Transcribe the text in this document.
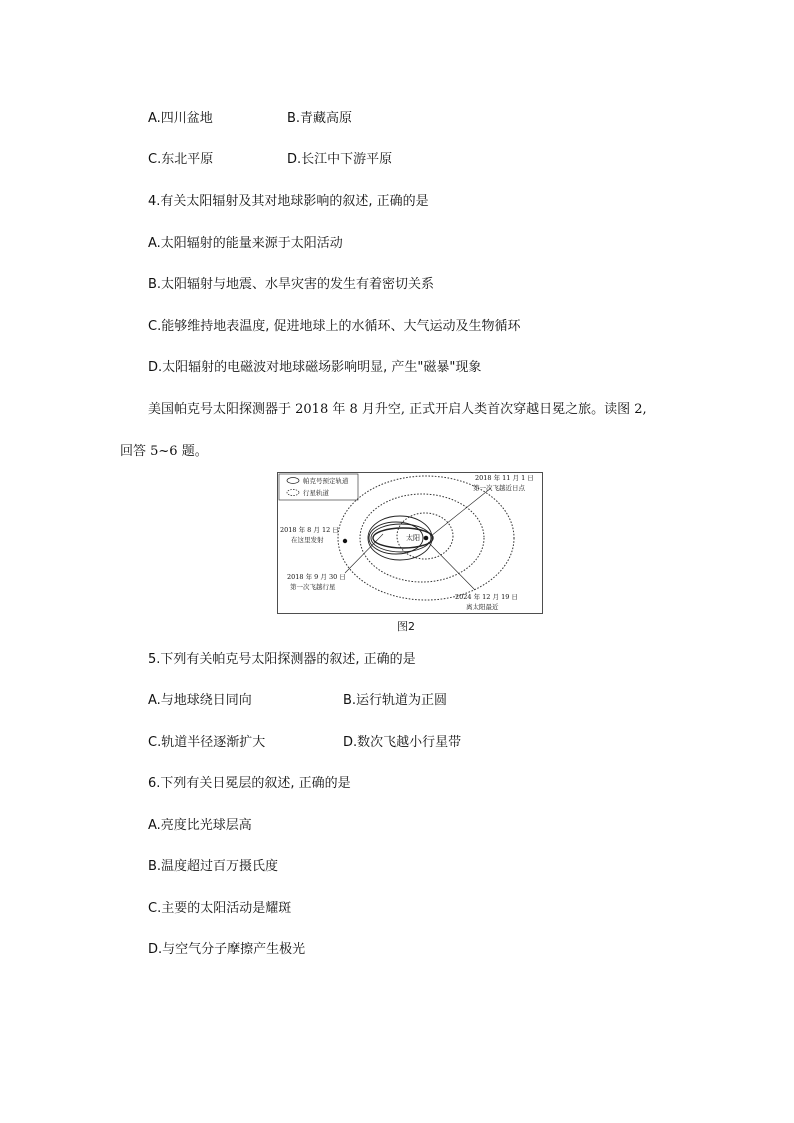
A.四川盆地	B.青藏高原
C.东北平原	D.长江中下游平原
4.有关太阳辐射及其对地球影响的叙述, 正确的是
A.太阳辐射的能量来源于太阳活动
B.太阳辐射与地震、水旱灾害的发生有着密切关系
C.能够维持地表温度, 促进地球上的水循环、大气运动及生物循环
D.太阳辐射的电磁波对地球磁场影响明显, 产生"磁暴"现象
美国帕克号太阳探测器于 2018 年 8 月升空, 正式开启人类首次穿越日冕之旅。读图 2,
回答 5~6 题。
帕克号预定轨道
行星轨道
太阳
2018 年 8 月 12 日
在这里发射
2018 年 9 月 30 日
第一次飞越行星
2018 年 11 月 1 日
第一次飞越近日点
2024 年 12 月 19 日
离太阳最近
图2
5.下列有关帕克号太阳探测器的叙述, 正确的是
A.与地球绕日同向	B.运行轨道为正圆
C.轨道半径逐渐扩大	D.数次飞越小行星带
6.下列有关日冕层的叙述, 正确的是
A.亮度比光球层高
B.温度超过百万摄氏度
C.主要的太阳活动是耀斑
D.与空气分子摩擦产生极光
